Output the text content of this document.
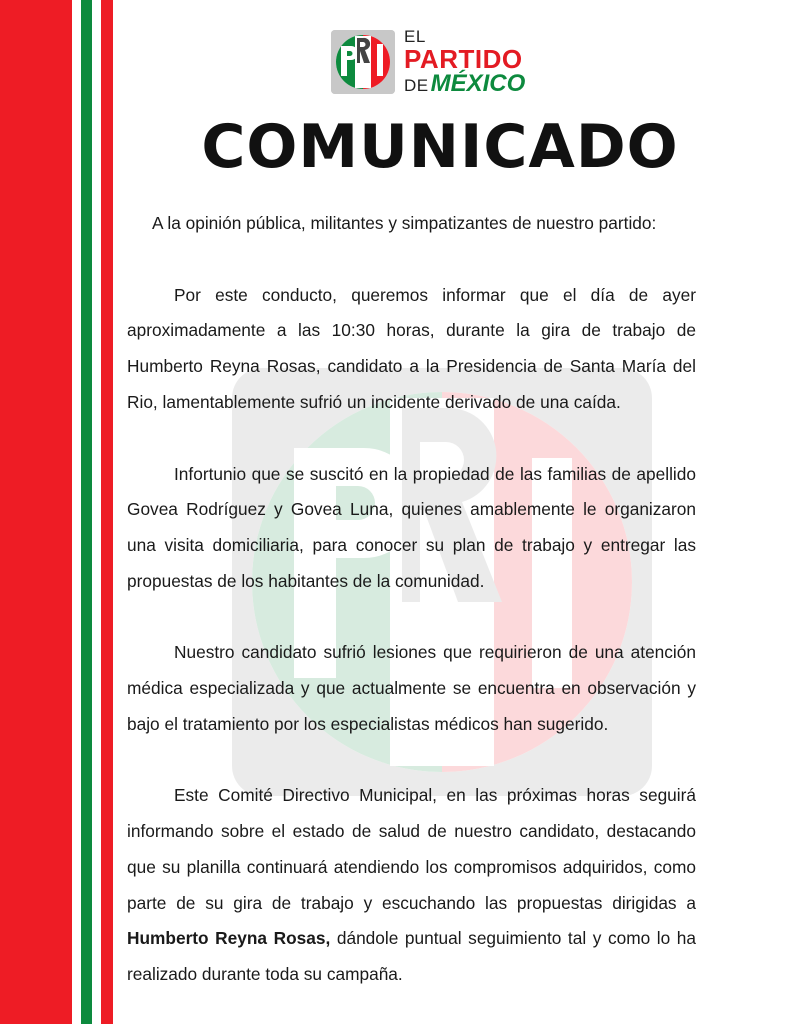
EL
PARTIDO
DE MÉXICO
COMUNICADO

A la opinión pública, militantes y simpatizantes de nuestro partido:

Por este conducto, queremos informar que el día de ayer aproximadamente a las 10:30 horas, durante la gira de trabajo de Humberto Reyna Rosas, candidato a la Presidencia de Santa María del Rio, lamentablemente sufrió un incidente derivado de una caída.

Infortunio que se suscitó en la propiedad de las familias de apellido Govea Rodríguez y Govea Luna, quienes amablemente le organizaron una visita domiciliaria, para conocer su plan de trabajo y entregar las propuestas de los habitantes de la comunidad.

Nuestro candidato sufrió lesiones que requirieron de una atención médica especializada y que actualmente se encuentra en observación y bajo el tratamiento por los especialistas médicos han sugerido.

Este Comité Directivo Municipal, en las próximas horas seguirá informando sobre el estado de salud de nuestro candidato, destacando que su planilla continuará atendiendo los compromisos adquiridos, como parte de su gira de trabajo y escuchando las propuestas dirigidas a Humberto Reyna Rosas, dándole puntual seguimiento tal y como lo ha realizado durante toda su campaña.
